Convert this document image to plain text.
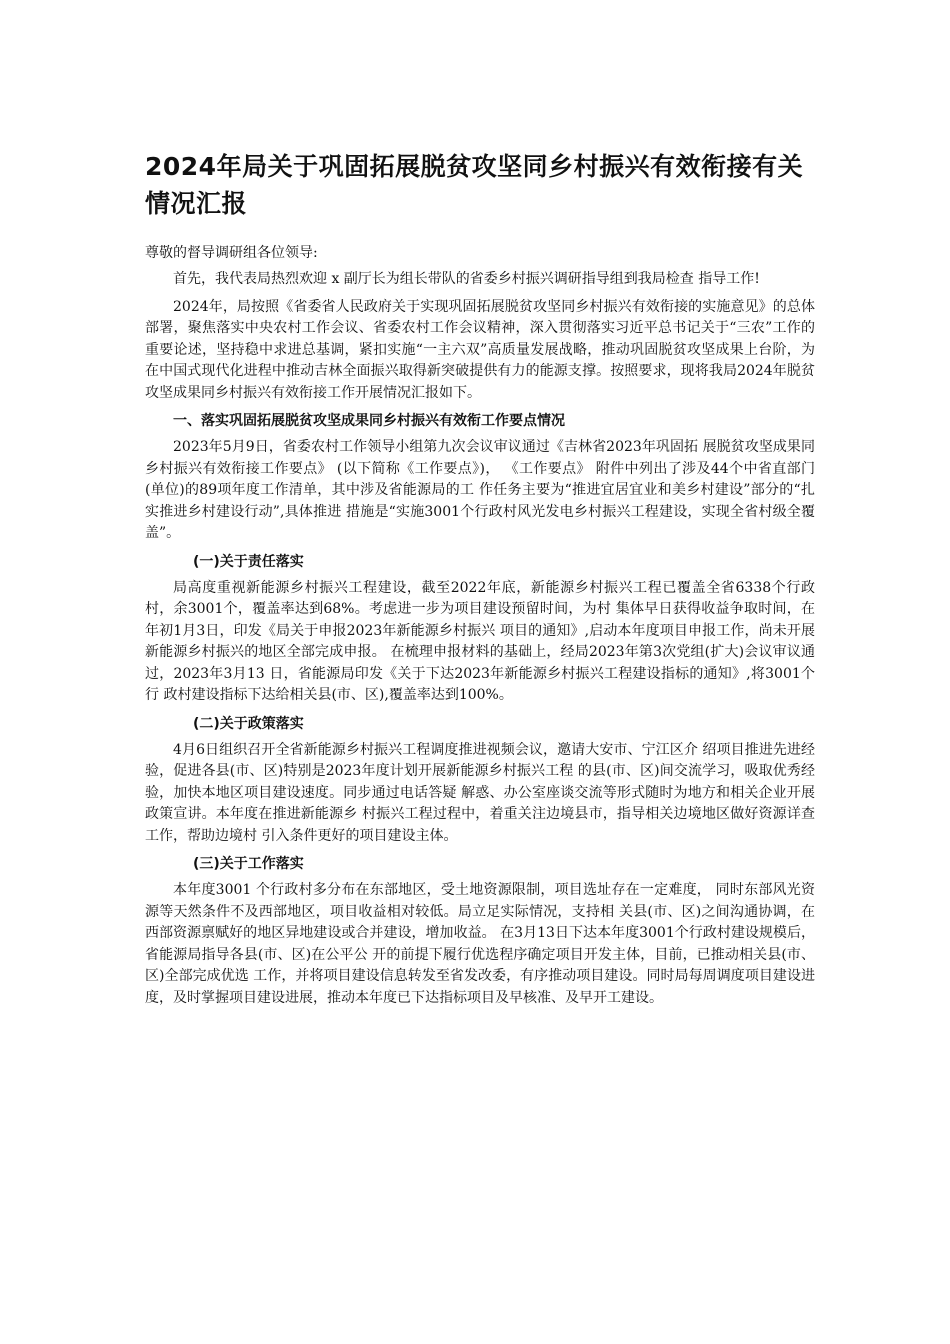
2024年局关于巩固拓展脱贫攻坚同乡村振兴有效衔接有关情况汇报

尊敬的督导调研组各位领导:

首先，我代表局热烈欢迎 x 副厅长为组长带队的省委乡村振兴调研指导组到我局检查 指导工作!

2024年，局按照《省委省人民政府关于实现巩固拓展脱贫攻坚同乡村振兴有效衔接的实施意见》的总体部署，聚焦落实中央农村工作会议、省委农村工作会议精神，深入贯彻落实习近平总书记关于“三农”工作的重要论述，坚持稳中求进总基调，紧扣实施“一主六双”高质量发展战略，推动巩固脱贫攻坚成果上台阶，为在中国式现代化进程中推动吉林全面振兴取得新突破提供有力的能源支撑。按照要求，现将我局2024年脱贫攻坚成果同乡村振兴有效衔接工作开展情况汇报如下。

一、落实巩固拓展脱贫攻坚成果同乡村振兴有效衔工作要点情况

2023年5月9日，省委农村工作领导小组第九次会议审议通过《吉林省2023年巩固拓 展脱贫攻坚成果同乡村振兴有效衔接工作要点》 (以下简称《工作要点》)， 《工作要点》 附件中列出了涉及44个中省直部门(单位)的89项年度工作清单，其中涉及省能源局的工 作任务主要为“推进宜居宜业和美乡村建设”部分的“扎实推进乡村建设行动”,具体推进 措施是“实施3001个行政村风光发电乡村振兴工程建设，实现全省村级全覆盖”。

(一)关于责任落实

局高度重视新能源乡村振兴工程建设，截至2022年底，新能源乡村振兴工程已覆盖全省6338个行政村，余3001个，覆盖率达到68%。考虑进一步为项目建设预留时间，为村 集体早日获得收益争取时间，在年初1月3日，印发《局关于申报2023年新能源乡村振兴 项目的通知》,启动本年度项目申报工作，尚未开展新能源乡村振兴的地区全部完成申报。 在梳理申报材料的基础上，经局2023年第3次党组(扩大)会议审议通过，2023年3月13 日，省能源局印发《关于下达2023年新能源乡村振兴工程建设指标的通知》,将3001个行 政村建设指标下达给相关县(市、区),覆盖率达到100%。

(二)关于政策落实

4月6日组织召开全省新能源乡村振兴工程调度推进视频会议，邀请大安市、宁江区介 绍项目推进先进经验，促进各县(市、区)特别是2023年度计划开展新能源乡村振兴工程 的县(市、区)间交流学习，吸取优秀经验，加快本地区项目建设速度。同步通过电话答疑 解惑、办公室座谈交流等形式随时为地方和相关企业开展政策宣讲。本年度在推进新能源乡 村振兴工程过程中，着重关注边境县市，指导相关边境地区做好资源详查工作，帮助边境村 引入条件更好的项目建设主体。

(三)关于工作落实

本年度3001 个行政村多分布在东部地区，受土地资源限制，项目选址存在一定难度， 同时东部风光资源等天然条件不及西部地区，项目收益相对较低。局立足实际情况，支持相 关县(市、区)之间沟通协调，在西部资源禀赋好的地区异地建设或合并建设，增加收益。 在3月13日下达本年度3001个行政村建设规模后，省能源局指导各县(市、区)在公平公 开的前提下履行优选程序确定项目开发主体，目前，已推动相关县(市、区)全部完成优选 工作，并将项目建设信息转发至省发改委，有序推动项目建设。同时局每周调度项目建设进 度，及时掌握项目建设进展，推动本年度已下达指标项目及早核准、及早开工建设。
